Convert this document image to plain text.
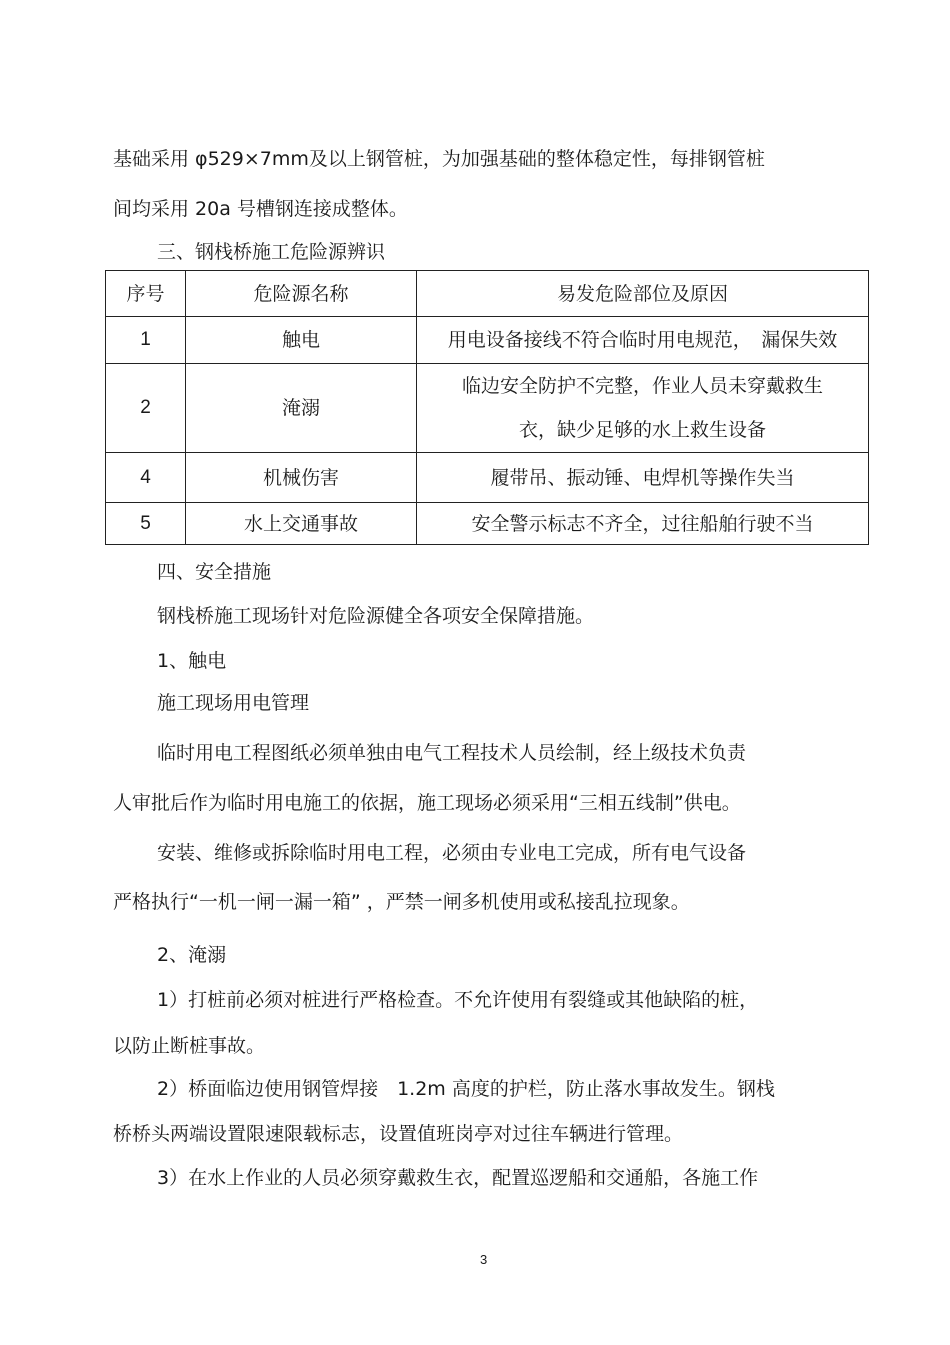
基础采用 φ529×7mm及以上钢管桩，为加强基础的整体稳定性，每排钢管桩
间均采用 20a 号槽钢连接成整体。
三、钢栈桥施工危险源辨识
序号	危险源名称	易发危险部位及原因
1	触电	用电设备接线不符合临时用电规范，　漏保失效
2	淹溺	临边安全防护不完整，作业人员未穿戴救生
衣，缺少足够的水上救生设备

4	机械伤害	履带吊、振动锤、电焊机等操作失当
5	水上交通事故	安全警示标志不齐全，过往船舶行驶不当
四、安全措施
钢栈桥施工现场针对危险源健全各项安全保障措施。
1、触电
施工现场用电管理
临时用电工程图纸必须单独由电气工程技术人员绘制，经上级技术负责
人审批后作为临时用电施工的依据，施工现场必须采用“三相五线制”供电。
安装、维修或拆除临时用电工程，必须由专业电工完成，所有电气设备
严格执行“一机一闸一漏一箱” ，严禁一闸多机使用或私接乱拉现象。
2、淹溺
1）打桩前必须对桩进行严格检查。不允许使用有裂缝或其他缺陷的桩，
以防止断桩事故。
2）桥面临边使用钢管焊接　1.2m 高度的护栏，防止落水事故发生。钢栈
桥桥头两端设置限速限载标志，设置值班岗亭对过往车辆进行管理。
3）在水上作业的人员必须穿戴救生衣，配置巡逻船和交通船，各施工作
3
